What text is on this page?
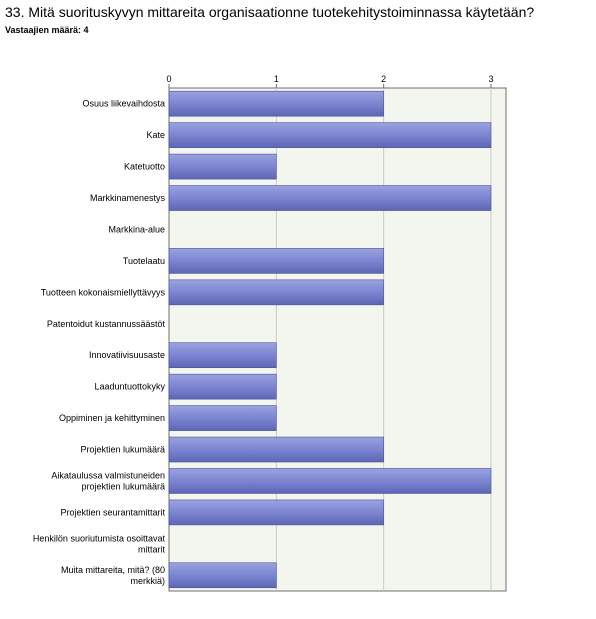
33. Mitä suorituskyvyn mittareita organisaationne tuotekehitystoiminnassa käytetään?
Vastaajien määrä: 4
0	1	2	3
Osuus liikevaihdosta
Kate
Katetuotto
Markkinamenestys
Markkina-alue
Tuotelaatu
Tuotteen kokonaismiellyttävyys
Patentoidut kustannussäästöt
Innovatiivisuusaste
Laaduntuottokyky
Oppiminen ja kehittyminen
Projektien lukumäärä
Aikataulussa valmistuneiden projektien lukumäärä
Projektien seurantamittarit
Henkilön suoriutumista osoittavat mittarit
Muita mittareita, mitä? (80 merkkiä)
